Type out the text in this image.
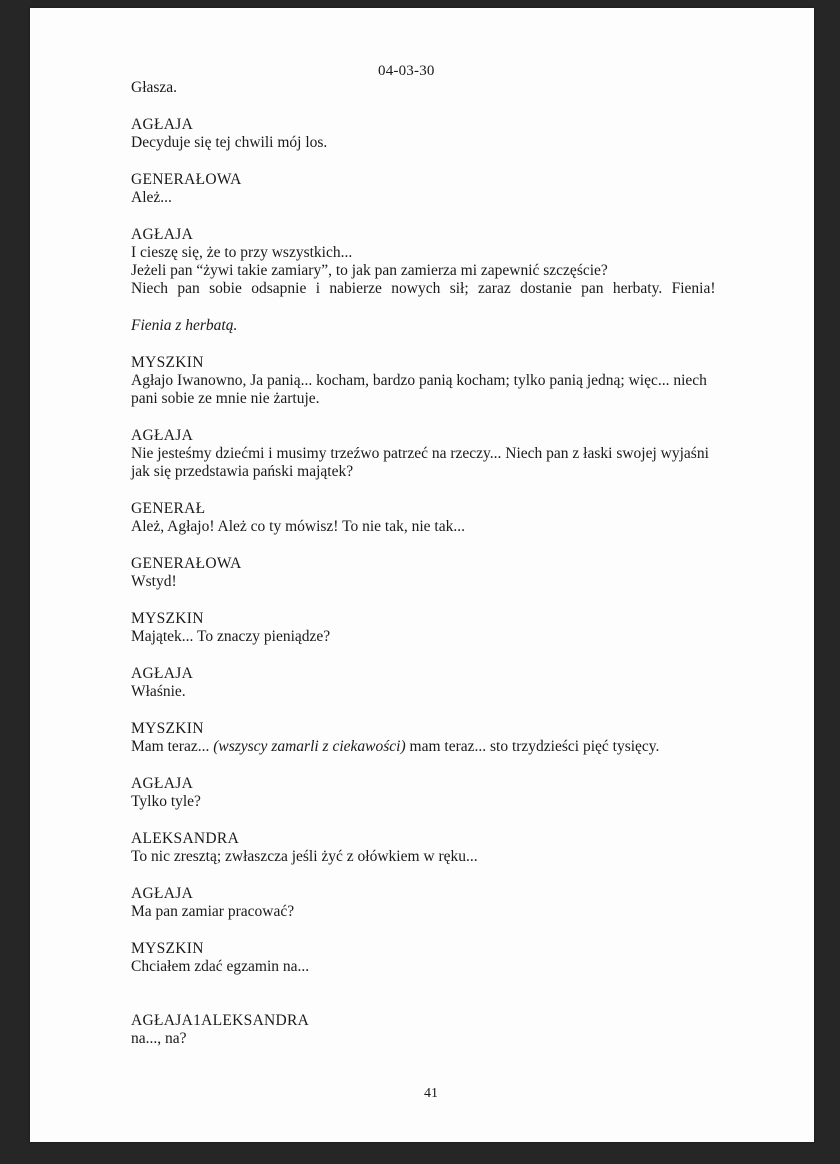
04-03-30
Głasza.
AGŁAJA
Decyduje się tej chwili mój los.
GENERAŁOWA
Ależ...
AGŁAJA
I cieszę się, że to przy wszystkich...
Jeżeli pan “żywi takie zamiary”, to jak pan zamierza mi zapewnić szczęście?
Niech pan sobie odsapnie i nabierze nowych sił; zaraz dostanie pan herbaty. Fienia!
Fienia z herbatą.
MYSZKIN
Agłajo Iwanowno, Ja panią... kocham, bardzo panią kocham; tylko panią jedną; więc... niech
pani sobie ze mnie nie żartuje.
AGŁAJA
Nie jesteśmy dziećmi i musimy trzeźwo patrzeć na rzeczy... Niech pan z łaski swojej wyjaśni
jak się przedstawia pański majątek?
GENERAŁ
Ależ, Agłajo! Ależ co ty mówisz! To nie tak, nie tak...
GENERAŁOWA
Wstyd!
MYSZKIN
Majątek... To znaczy pieniądze?
AGŁAJA
Właśnie.
MYSZKIN
Mam teraz... (wszyscy zamarli z ciekawości) mam teraz... sto trzydzieści pięć tysięcy.
AGŁAJA
Tylko tyle?
ALEKSANDRA
To nic zresztą; zwłaszcza jeśli żyć z ołówkiem w ręku...
AGŁAJA
Ma pan zamiar pracować?
MYSZKIN
Chciałem zdać egzamin na...
AGŁAJA1ALEKSANDRA
na..., na?
41
